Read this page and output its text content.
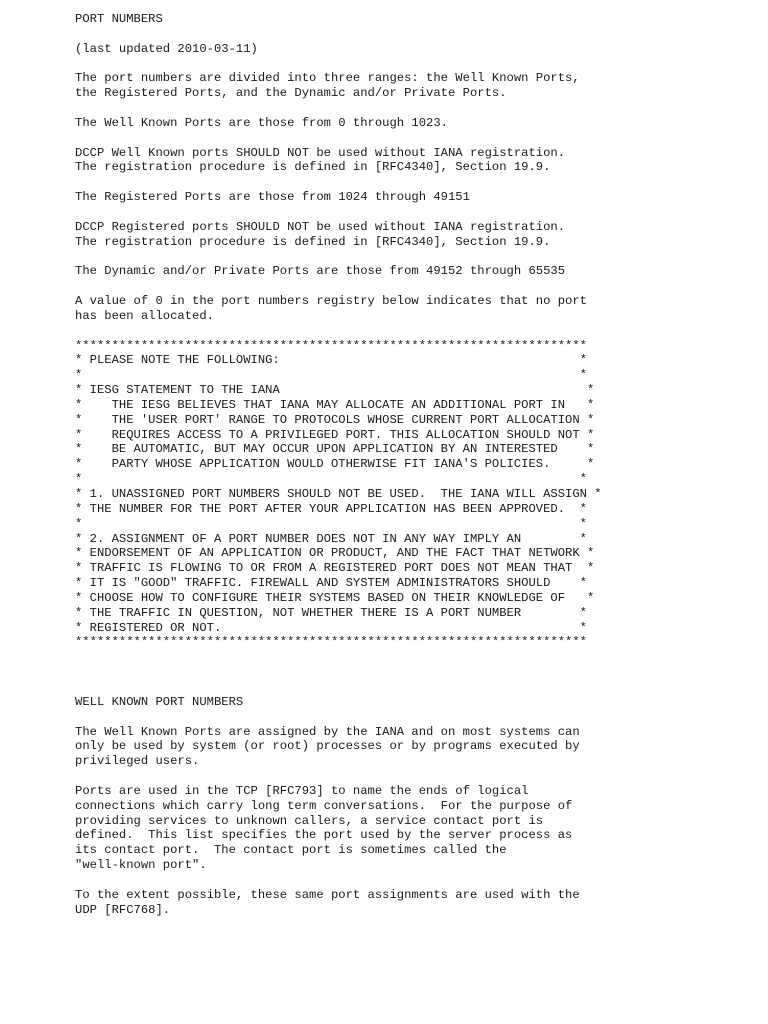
PORT NUMBERS
(last updated 2010-03-11)
The port numbers are divided into three ranges: the Well Known Ports,
the Registered Ports, and the Dynamic and/or Private Ports.
The Well Known Ports are those from 0 through 1023.
DCCP Well Known ports SHOULD NOT be used without IANA registration.
The registration procedure is defined in [RFC4340], Section 19.9.
The Registered Ports are those from 1024 through 49151
DCCP Registered ports SHOULD NOT be used without IANA registration.
The registration procedure is defined in [RFC4340], Section 19.9.
The Dynamic and/or Private Ports are those from 49152 through 65535
A value of 0 in the port numbers registry below indicates that no port
has been allocated.
**********************************************************************
* PLEASE NOTE THE FOLLOWING:                                         *
*                                                                    *
* IESG STATEMENT TO THE IANA                                          *
*    THE IESG BELIEVES THAT IANA MAY ALLOCATE AN ADDITIONAL PORT IN   *
*    THE 'USER PORT' RANGE TO PROTOCOLS WHOSE CURRENT PORT ALLOCATION *
*    REQUIRES ACCESS TO A PRIVILEGED PORT. THIS ALLOCATION SHOULD NOT *
*    BE AUTOMATIC, BUT MAY OCCUR UPON APPLICATION BY AN INTERESTED    *
*    PARTY WHOSE APPLICATION WOULD OTHERWISE FIT IANA'S POLICIES.     *
*                                                                    *
* 1. UNASSIGNED PORT NUMBERS SHOULD NOT BE USED.  THE IANA WILL ASSIGN *
* THE NUMBER FOR THE PORT AFTER YOUR APPLICATION HAS BEEN APPROVED.  *
*                                                                    *
* 2. ASSIGNMENT OF A PORT NUMBER DOES NOT IN ANY WAY IMPLY AN        *
* ENDORSEMENT OF AN APPLICATION OR PRODUCT, AND THE FACT THAT NETWORK *
* TRAFFIC IS FLOWING TO OR FROM A REGISTERED PORT DOES NOT MEAN THAT  *
* IT IS "GOOD" TRAFFIC. FIREWALL AND SYSTEM ADMINISTRATORS SHOULD    *
* CHOOSE HOW TO CONFIGURE THEIR SYSTEMS BASED ON THEIR KNOWLEDGE OF   *
* THE TRAFFIC IN QUESTION, NOT WHETHER THERE IS A PORT NUMBER        *
* REGISTERED OR NOT.                                                 *
**********************************************************************
WELL KNOWN PORT NUMBERS
The Well Known Ports are assigned by the IANA and on most systems can
only be used by system (or root) processes or by programs executed by
privileged users.
Ports are used in the TCP [RFC793] to name the ends of logical
connections which carry long term conversations.  For the purpose of
providing services to unknown callers, a service contact port is
defined.  This list specifies the port used by the server process as
its contact port.  The contact port is sometimes called the
"well-known port".
To the extent possible, these same port assignments are used with the
UDP [RFC768].
